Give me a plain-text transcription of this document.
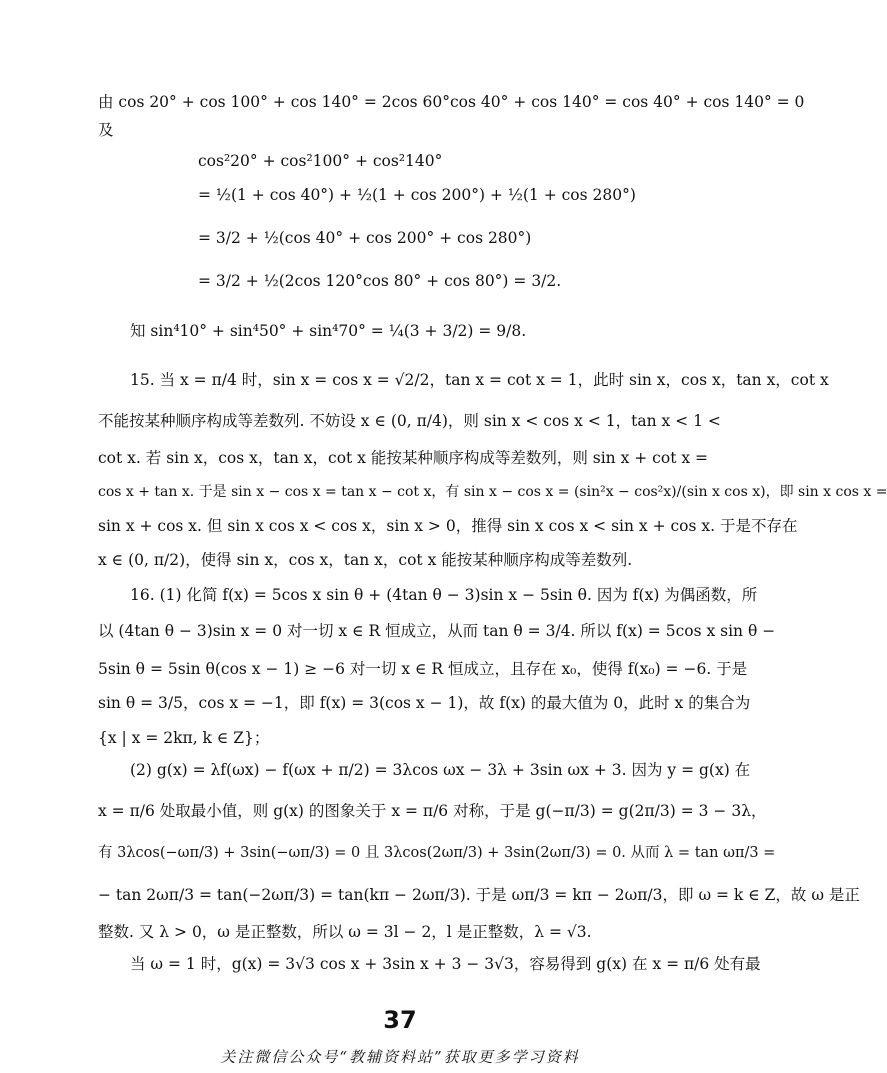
由 cos 20° + cos 100° + cos 140° = 2cos 60°cos 40° + cos 140° = cos 40° + cos 140° = 0
及
cos²20° + cos²100° + cos²140°
= ½(1 + cos 40°) + ½(1 + cos 200°) + ½(1 + cos 280°)
= 3/2 + ½(cos 40° + cos 200° + cos 280°)
= 3/2 + ½(2cos 120°cos 80° + cos 80°) = 3/2.
知 sin⁴10° + sin⁴50° + sin⁴70° = ¼(3 + 3/2) = 9/8.
15. 当 x = π/4 时，sin x = cos x = √2/2，tan x = cot x = 1，此时 sin x，cos x，tan x，cot x
不能按某种顺序构成等差数列. 不妨设 x ∈ (0, π/4)，则 sin x < cos x < 1，tan x < 1 <
cot x. 若 sin x，cos x，tan x，cot x 能按某种顺序构成等差数列，则 sin x + cot x =
cos x + tan x. 于是 sin x − cos x = tan x − cot x，有 sin x − cos x = (sin²x − cos²x)/(sin x cos x)，即 sin x cos x =
sin x + cos x. 但 sin x cos x < cos x，sin x > 0，推得 sin x cos x < sin x + cos x. 于是不存在
x ∈ (0, π/2)，使得 sin x，cos x，tan x，cot x 能按某种顺序构成等差数列.
16. (1) 化简 f(x) = 5cos x sin θ + (4tan θ − 3)sin x − 5sin θ. 因为 f(x) 为偶函数，所
以 (4tan θ − 3)sin x = 0 对一切 x ∈ R 恒成立，从而 tan θ = 3/4. 所以 f(x) = 5cos x sin θ −
5sin θ = 5sin θ(cos x − 1) ≥ −6 对一切 x ∈ R 恒成立，且存在 x₀，使得 f(x₀) = −6. 于是
sin θ = 3/5，cos x = −1，即 f(x) = 3(cos x − 1)，故 f(x) 的最大值为 0，此时 x 的集合为
{x | x = 2kπ, k ∈ Z}；
(2) g(x) = λf(ωx) − f(ωx + π/2) = 3λcos ωx − 3λ + 3sin ωx + 3. 因为 y = g(x) 在
x = π/6 处取最小值，则 g(x) 的图象关于 x = π/6 对称，于是 g(−π/3) = g(2π/3) = 3 − 3λ，
有 3λcos(−ωπ/3) + 3sin(−ωπ/3) = 0 且 3λcos(2ωπ/3) + 3sin(2ωπ/3) = 0. 从而 λ = tan ωπ/3 =
− tan 2ωπ/3 = tan(−2ωπ/3) = tan(kπ − 2ωπ/3). 于是 ωπ/3 = kπ − 2ωπ/3，即 ω = k ∈ Z，故 ω 是正
整数. 又 λ > 0，ω 是正整数，所以 ω = 3l − 2，l 是正整数，λ = √3.
当 ω = 1 时，g(x) = 3√3 cos x + 3sin x + 3 − 3√3，容易得到 g(x) 在 x = π/6 处有最
37
关注微信公众号“教辅资料站”获取更多学习资料
